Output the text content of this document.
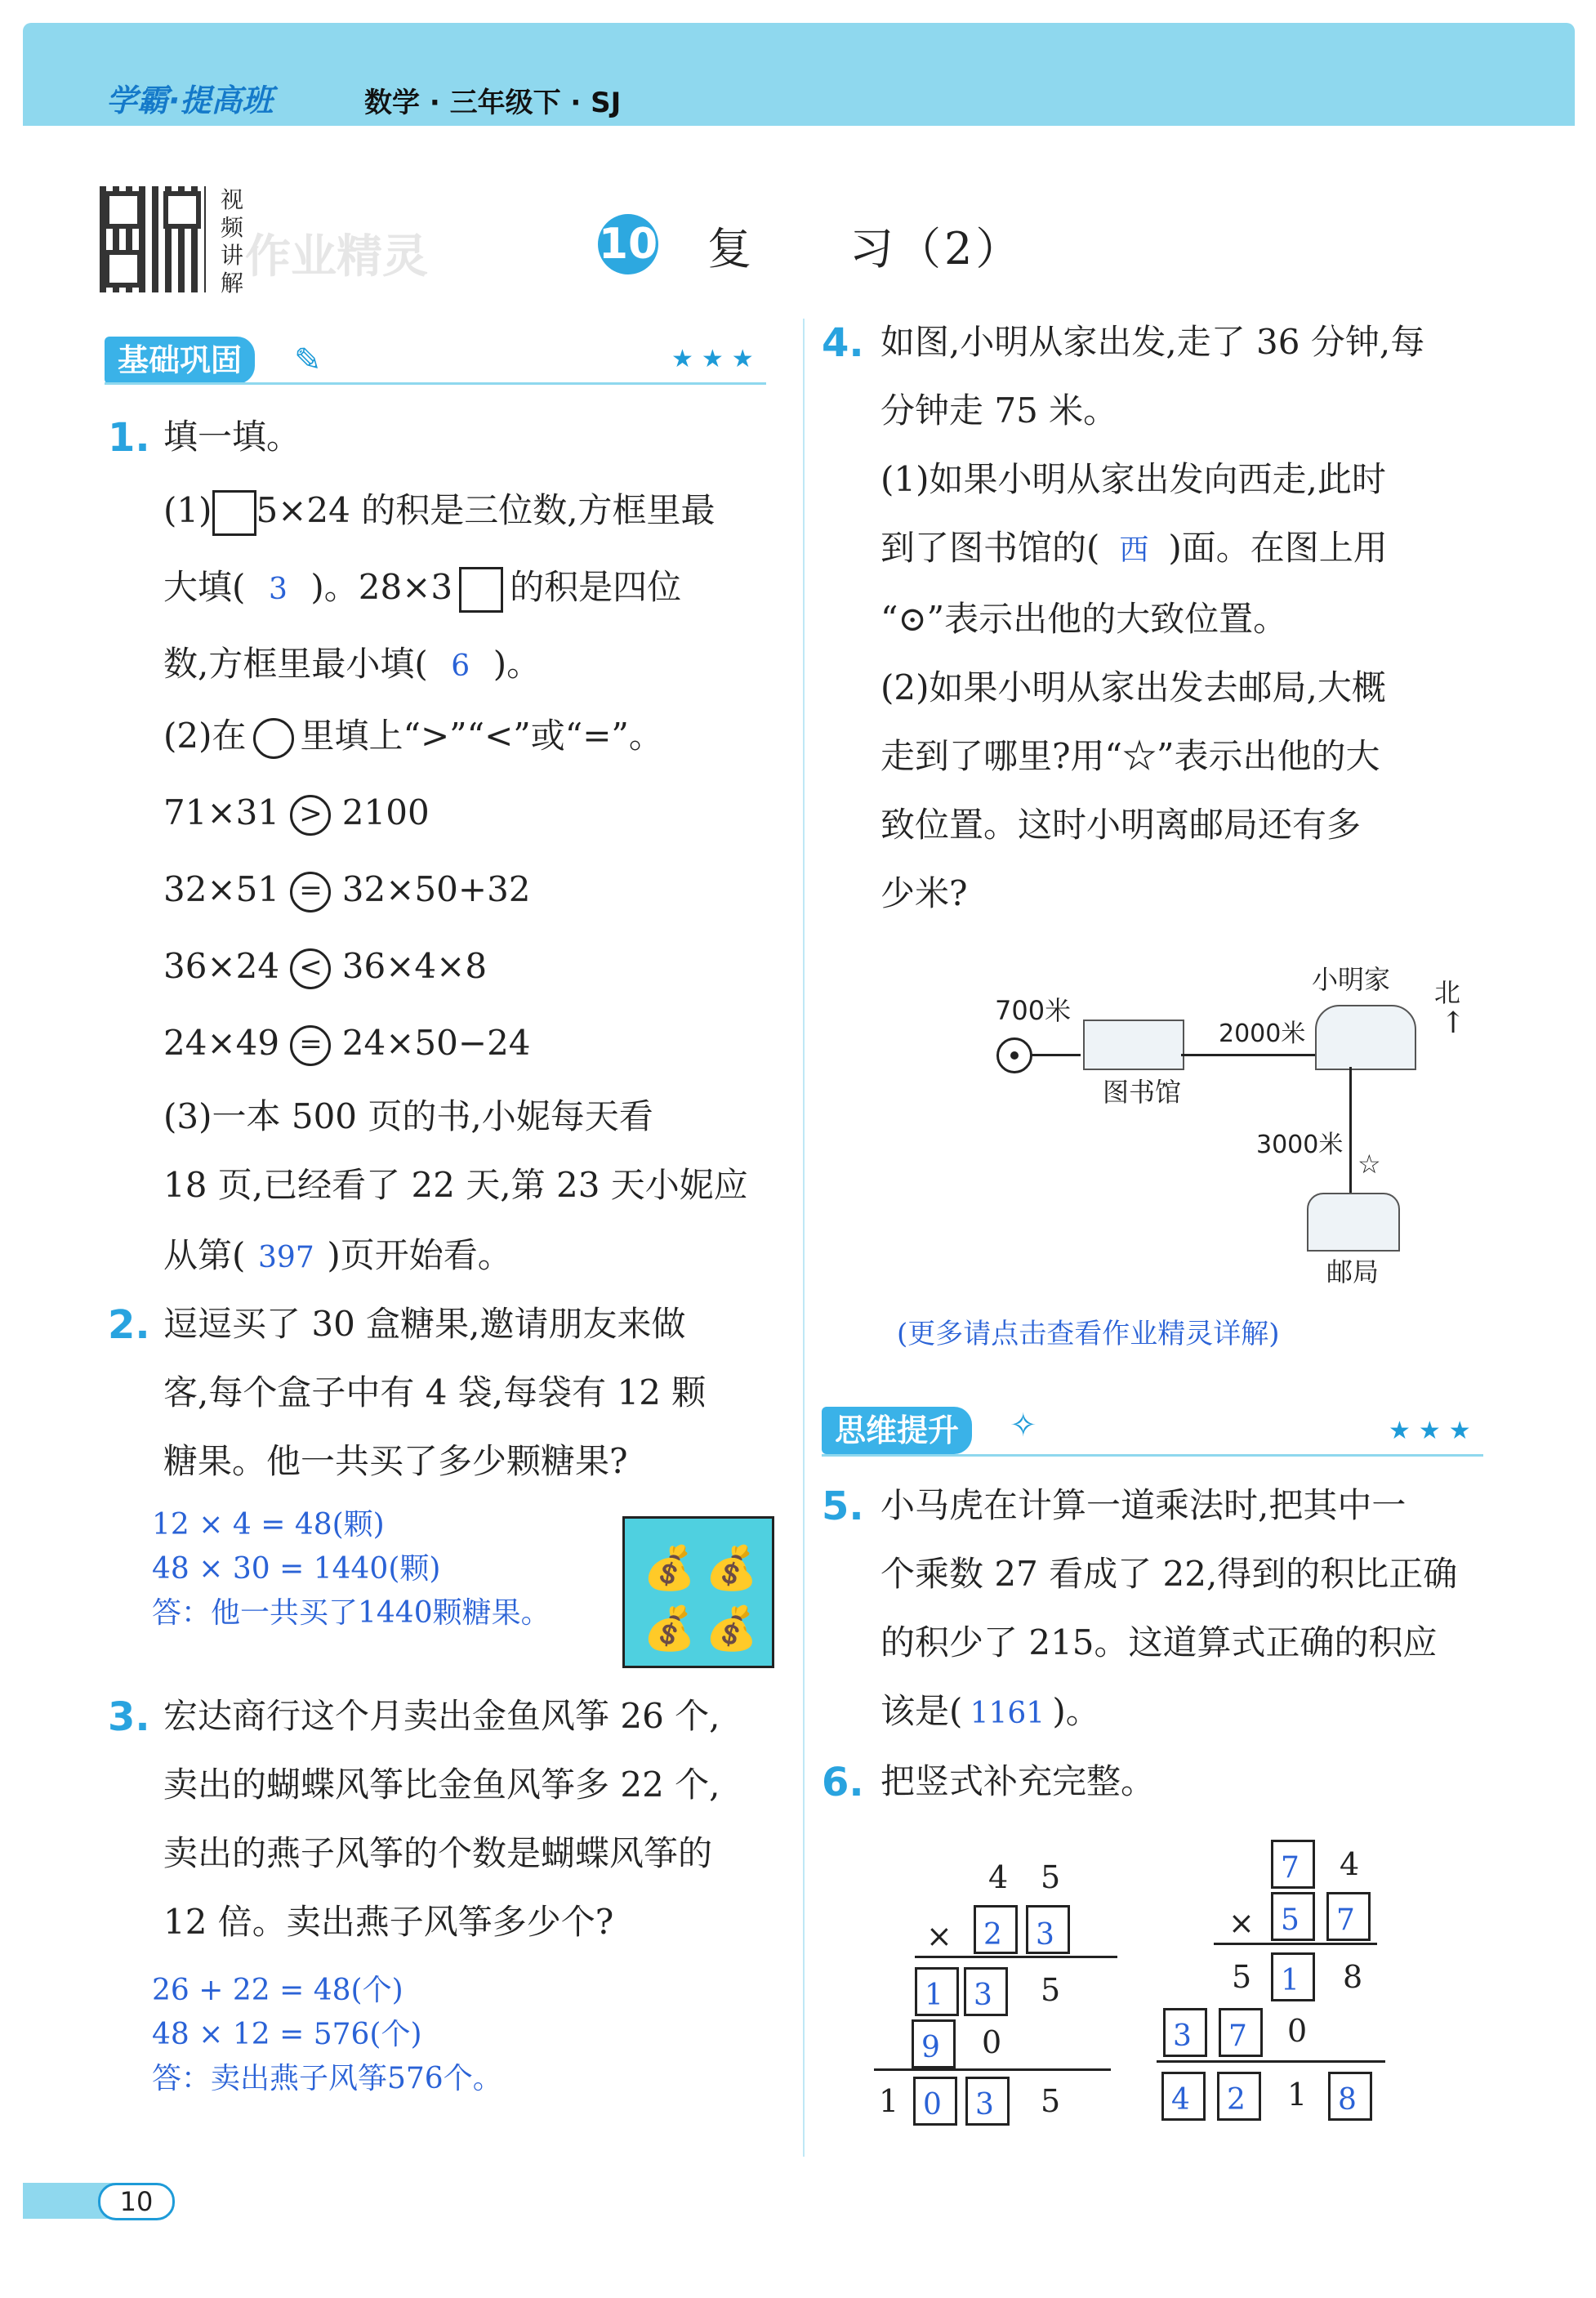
学霸·提高班	数学 · 三年级下 · SJ
视
频
讲
解 作业精灵	10 复　　习（2）
基础巩固	✎	★★★
1. 填一填。
(1) 5×24 的积是三位数,方框里最
大填( 3 )。28×3 的积是四位
数,方框里最小填( 6 )。
(2)在 里填上“>”“<”或“=”。
71×31 > 2100
32×51 = 32×50+32
36×24 < 36×4×8
24×49 = 24×50−24
(3)一本 500 页的书,小妮每天看
18 页,已经看了 22 天,第 23 天小妮应
从第( 397 )页开始看。
2. 逗逗买了 30 盒糖果,邀请朋友来做
客,每个盒子中有 4 袋,每袋有 12 颗
糖果。他一共买了多少颗糖果?
12 × 4 = 48(颗)
48 × 30 = 1440(颗)
答：他一共买了1440颗糖果。
💰 💰
💰 💰
3. 宏达商行这个月卖出金鱼风筝 26 个,
卖出的蝴蝶风筝比金鱼风筝多 22 个,
卖出的燕子风筝的个数是蝴蝶风筝的
12 倍。卖出燕子风筝多少个?
26 + 22 = 48(个)
48 × 12 = 576(个)
答：卖出燕子风筝576个。
4. 如图,小明从家出发,走了 36 分钟,每
分钟走 75 米。
(1)如果小明从家出发向西走,此时
到了图书馆的( 西 )面。在图上用
“⊙”表示出他的大致位置。
(2)如果小明从家出发去邮局,大概
走到了哪里?用“☆”表示出他的大
致位置。这时小明离邮局还有多
少米?
700米
图书馆
2000米
小明家 北
↑
3000米
☆
邮局
(更多请点击查看作业精灵详解)
思维提升	✧	★★★
5. 小马虎在计算一道乘法时,把其中一
个乘数 27 看成了 22,得到的积比正确
的积少了 215。这道算式正确的积应
该是( 1161 )。
6. 把竖式补充完整。
4 5
× 2 3
1 3 5
9 0
1 0 3 5
7 4
× 5 7
5 1 8
3 7 0
4 2 1 8
10
